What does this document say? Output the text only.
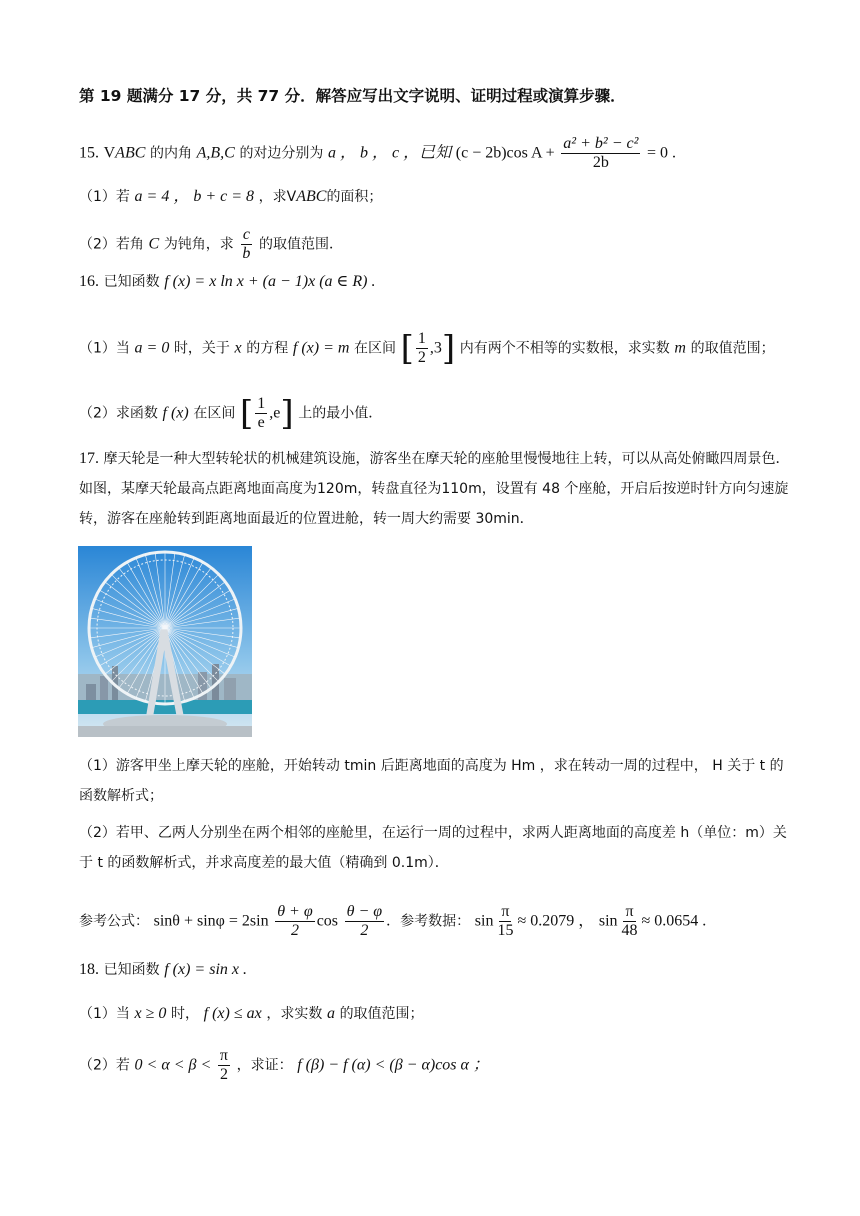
第 19 题满分 17 分，共 77 分．解答应写出文字说明、证明过程或演算步骤．
15. VABC 的内角 A,B,C 的对边分别为 a ， b ， c ，已知 (c − 2b)cos $A + \frac{\text{a² + b² − c²}}{2b} = 0$ .
（1）若 a = 4 ， b + c = 8 ，求VABC的面积；
（2）若角 C 为钝角，求 $\frac{c}{b}$ 的取值范围．
16. 已知函数 f (x) = x ln x + (a − 1)x (a ∈ R) .
（1）当 a = 0 时，关于 x 的方程 f (x) = m 在区间 [ $\frac{1}{2} ,3$] 内有两个不相等的实数根，求实数 m 的取值范围；
（2）求函数 f (x) 在区间 [ $\frac{1}{e} ,e$] 上的最小值．
17. 摩天轮是一种大型转轮状的机械建筑设施，游客坐在摩天轮的座舱里慢慢地往上转，可以从高处俯瞰四周景色．如图，某摩天轮最高点距离地面高度为120m，转盘直径为110m，设置有 48 个座舱，开启后按逆时针方向匀速旋转，游客在座舱转到距离地面最近的位置进舱，转一周大约需要 30min．
（1）游客甲坐上摩天轮的座舱，开始转动 tmin 后距离地面的高度为 Hm ，求在转动一周的过程中， H 关于 t 的函数解析式；
（2）若甲、乙两人分别坐在两个相邻的座舱里，在运行一周的过程中，求两人距离地面的高度差 h（单位：m）关于 t 的函数解析式，并求高度差的最大值（精确到 0.1m）．
参考公式： $\sin\theta + \sin\varphi = 2\sin \frac{\theta + \varphi}{2}$ $\cos \frac{\theta - \varphi}{2}$ ．参考数据： $\sin \frac{\pi}{15} \approx 0.2079$ ， $\sin \frac{\pi}{48} \approx 0.0654$ .
18. 已知函数 f (x) = sin x .
（1）当 x ≥ 0 时， f (x) ≤ ax ，求实数 a 的取值范围；
（2）若 $0 < \alpha < \beta < \frac{\pi}{2}$ ，求证： f (β) − f (α) < (β − α)cos α ；
